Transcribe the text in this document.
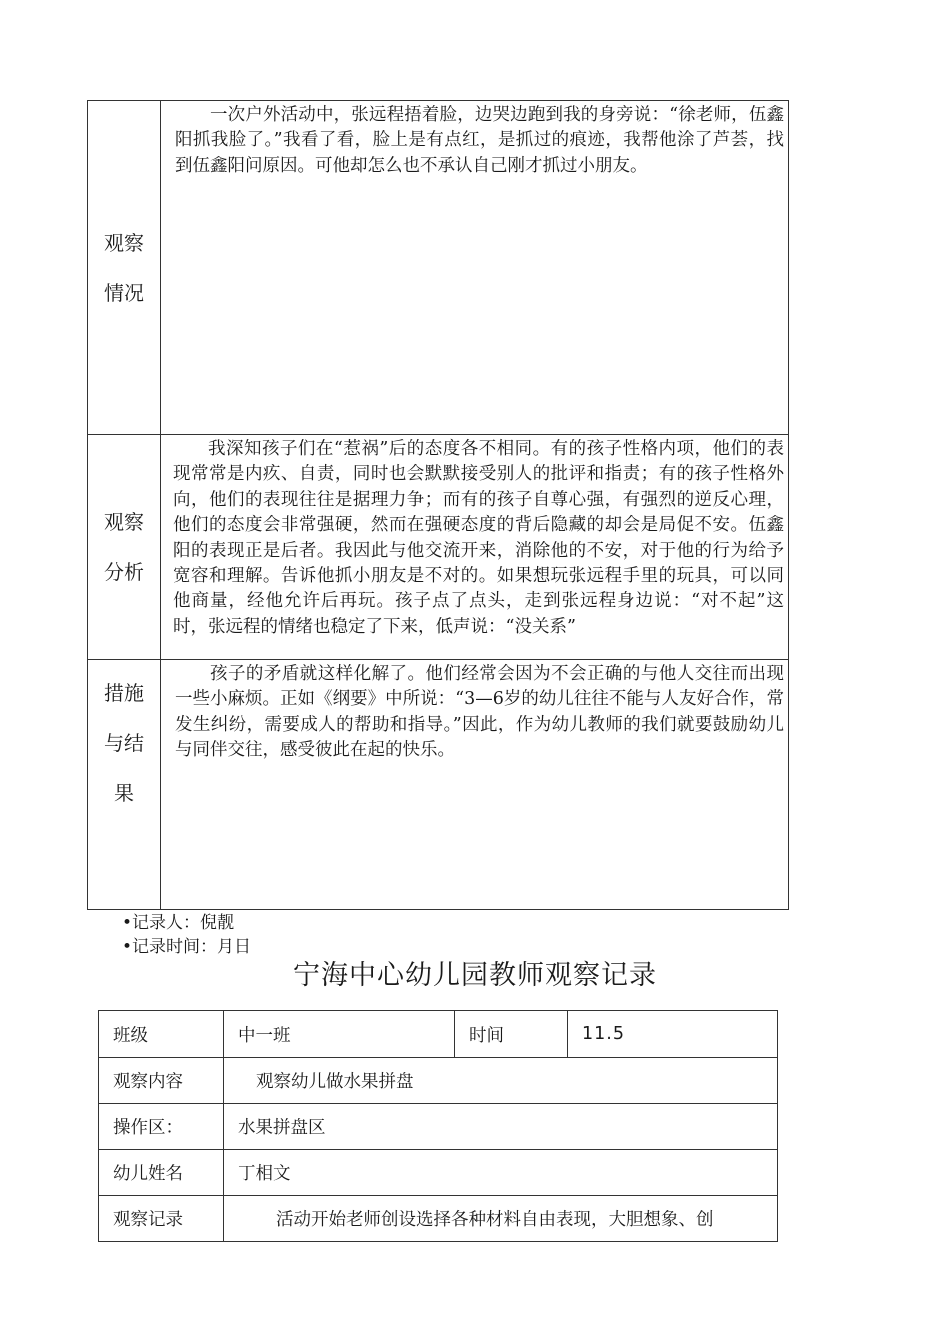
观察
情况
一次户外活动中，张远程捂着脸，边哭边跑到我的身旁说：“徐老师，伍鑫阳抓我脸了。”我看了看，脸上是有点红，是抓过的痕迹，我帮他涂了芦荟，找到伍鑫阳问原因。可他却怎么也不承认自己刚才抓过小朋友。
观察
分析
我深知孩子们在“惹祸”后的态度各不相同。有的孩子性格内项，他们的表现常常是内疚、自责，同时也会默默接受别人的批评和指责；有的孩子性格外向，他们的表现往往是据理力争；而有的孩子自尊心强，有强烈的逆反心理，他们的态度会非常强硬，然而在强硬态度的背后隐藏的却会是局促不安。伍鑫阳的表现正是后者。我因此与他交流开来，消除他的不安，对于他的行为给予宽容和理解。告诉他抓小朋友是不对的。如果想玩张远程手里的玩具，可以同他商量，经他允许后再玩。孩子点了点头，走到张远程身边说：“对不起”这时，张远程的情绪也稳定了下来，低声说：“没关系”
措施
与结
果
孩子的矛盾就这样化解了。他们经常会因为不会正确的与他人交往而出现一些小麻烦。正如《纲要》中所说：“3—6岁的幼儿往往不能与人友好合作，常发生纠纷，需要成人的帮助和指导。”因此，作为幼儿教师的我们就要鼓励幼儿与同伴交往，感受彼此在起的快乐。
•记录人：倪靓
•记录时间：月日
宁海中心幼儿园教师观察记录
班级	中一班	时间	11.5
观察内容	观察幼儿做水果拼盘
操作区：	水果拼盘区
幼儿姓名	丁相文
观察记录	活动开始老师创设选择各种材料自由表现，大胆想象、创
